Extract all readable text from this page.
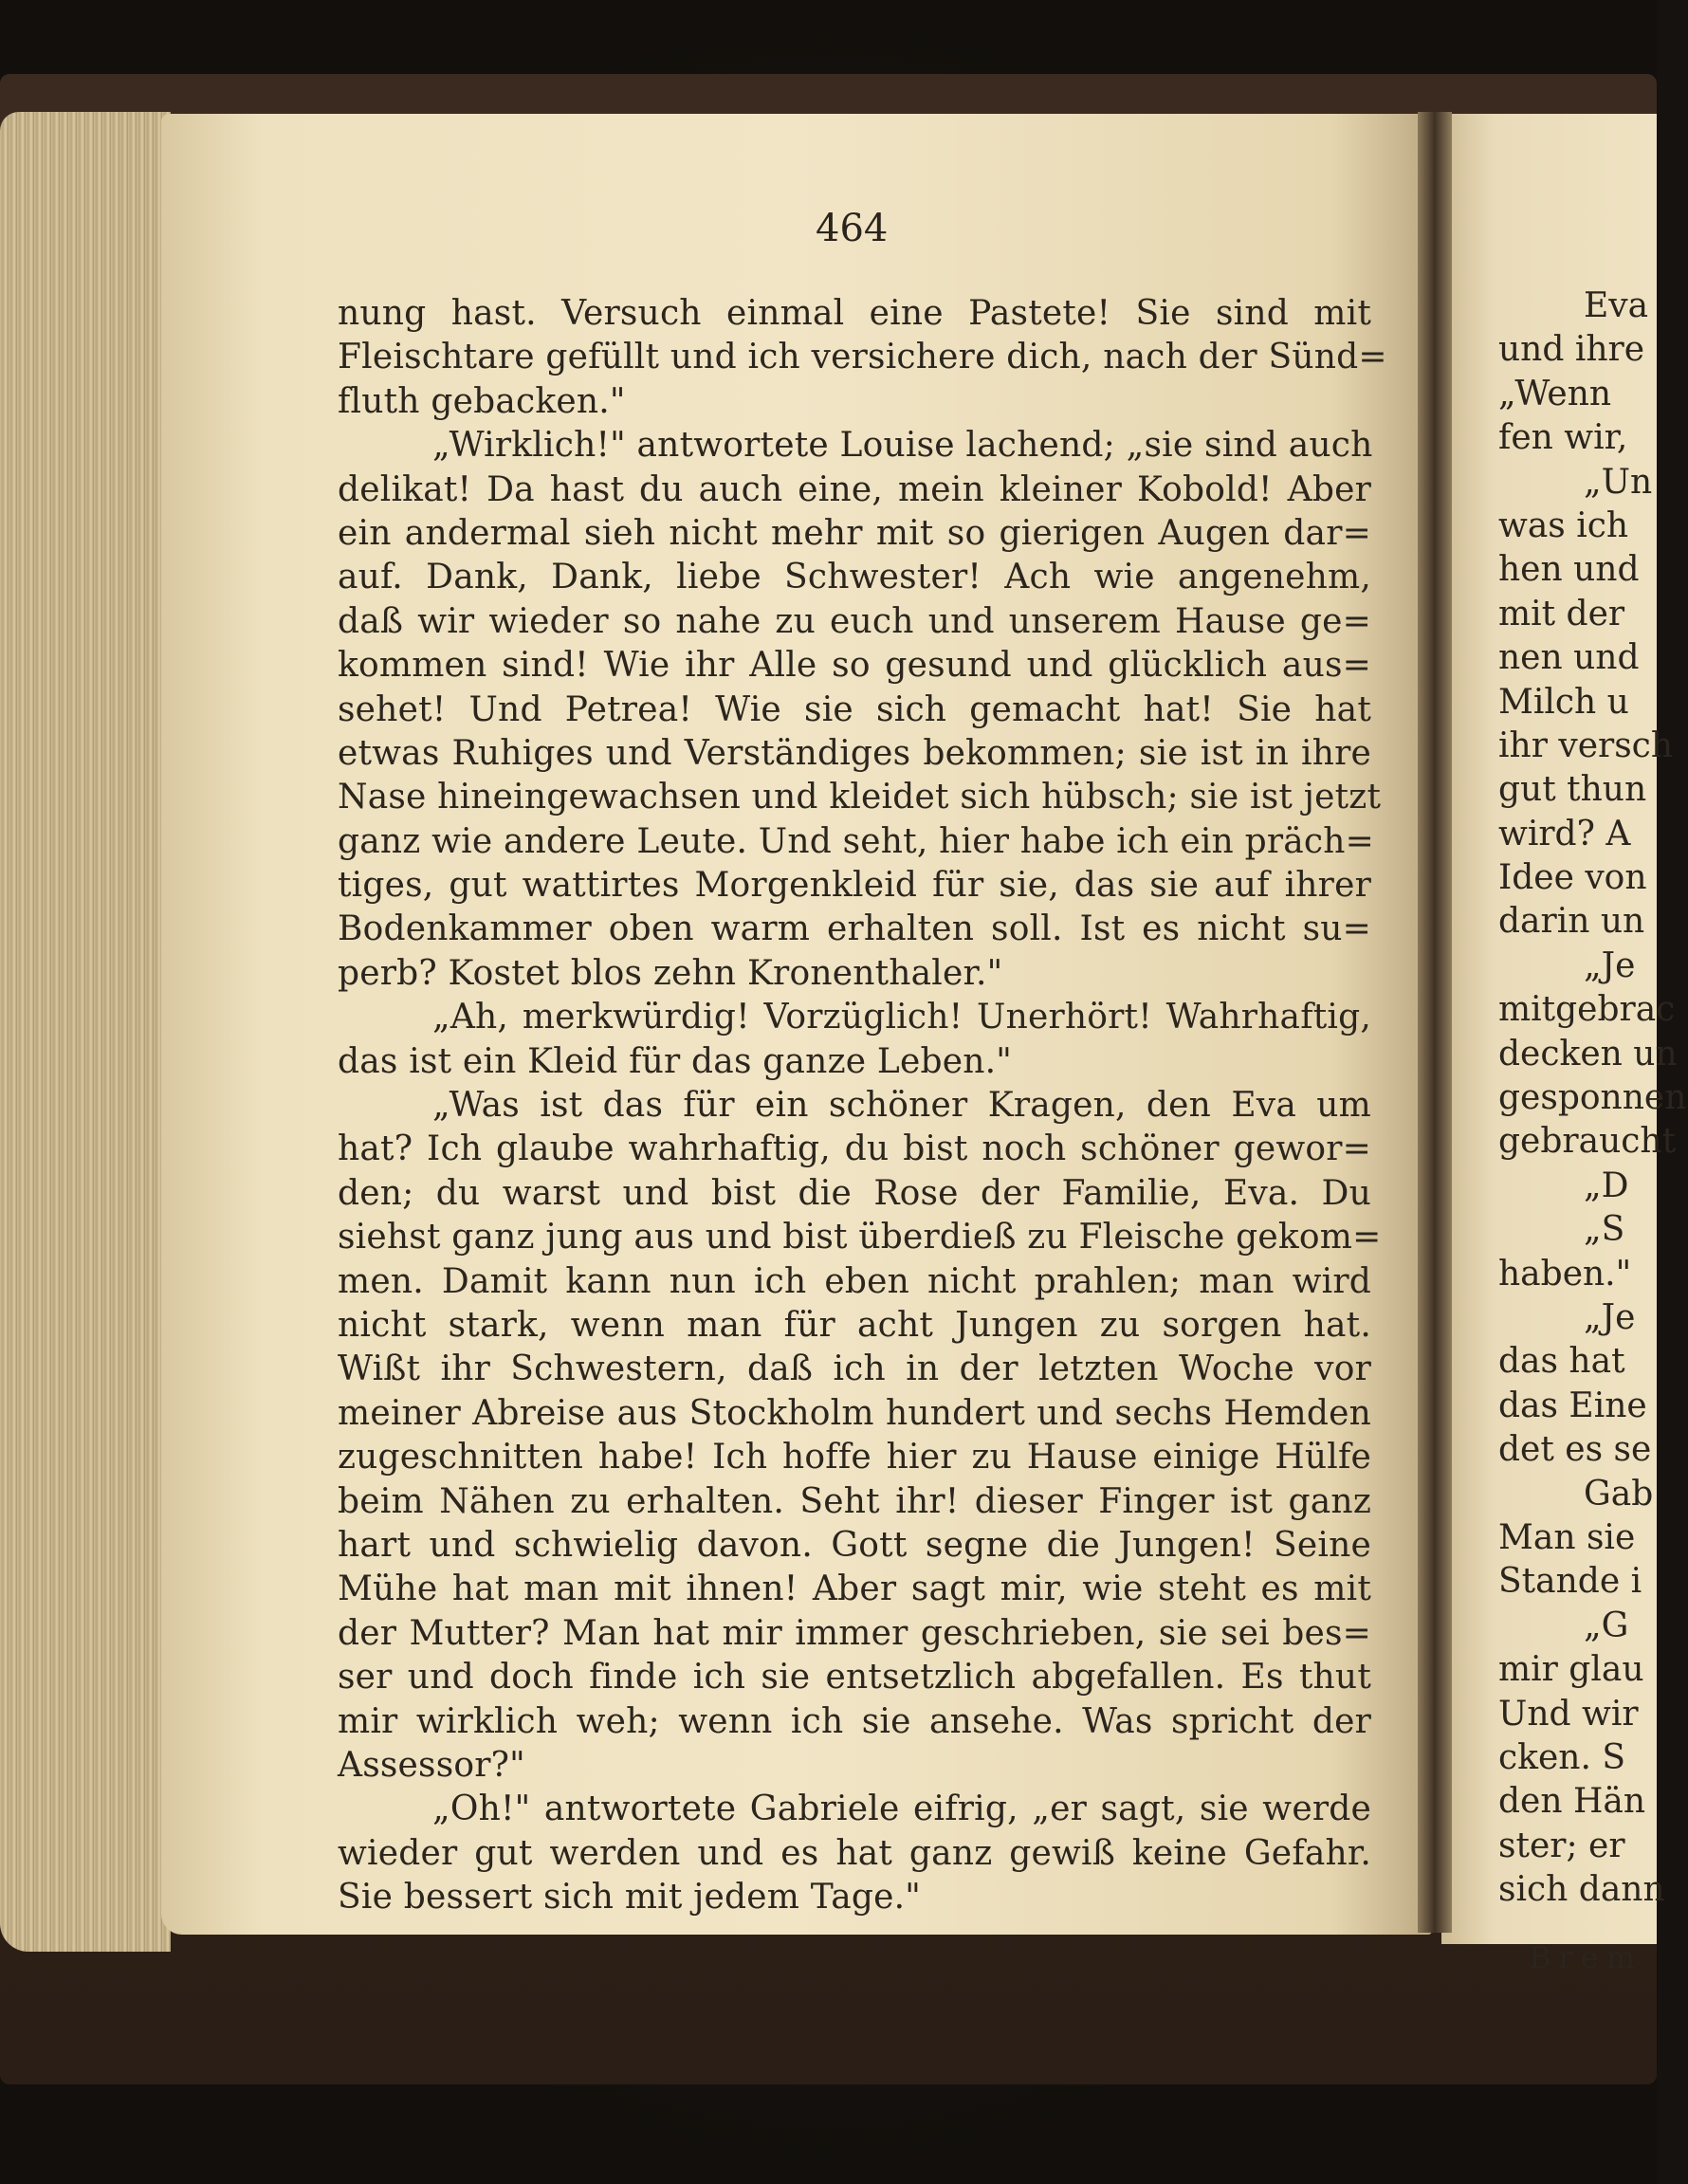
464
nung hast. Versuch einmal eine Pastete! Sie sind mit
Fleischtare gefüllt und ich versichere dich, nach der Sünd=
fluth gebacken."
„Wirklich!" antwortete Louise lachend; „sie sind auch
delikat! Da hast du auch eine, mein kleiner Kobold! Aber
ein andermal sieh nicht mehr mit so gierigen Augen dar=
auf. Dank, Dank, liebe Schwester! Ach wie angenehm,
daß wir wieder so nahe zu euch und unserem Hause ge=
kommen sind! Wie ihr Alle so gesund und glücklich aus=
sehet! Und Petrea! Wie sie sich gemacht hat! Sie hat
etwas Ruhiges und Verständiges bekommen; sie ist in ihre
Nase hineingewachsen und kleidet sich hübsch; sie ist jetzt
ganz wie andere Leute. Und seht, hier habe ich ein präch=
tiges, gut wattirtes Morgenkleid für sie, das sie auf ihrer
Bodenkammer oben warm erhalten soll. Ist es nicht su=
perb? Kostet blos zehn Kronenthaler."
„Ah, merkwürdig! Vorzüglich! Unerhört! Wahrhaftig,
das ist ein Kleid für das ganze Leben."
„Was ist das für ein schöner Kragen, den Eva um
hat? Ich glaube wahrhaftig, du bist noch schöner gewor=
den; du warst und bist die Rose der Familie, Eva. Du
siehst ganz jung aus und bist überdieß zu Fleische gekom=
men. Damit kann nun ich eben nicht prahlen; man wird
nicht stark, wenn man für acht Jungen zu sorgen hat.
Wißt ihr Schwestern, daß ich in der letzten Woche vor
meiner Abreise aus Stockholm hundert und sechs Hemden
zugeschnitten habe! Ich hoffe hier zu Hause einige Hülfe
beim Nähen zu erhalten. Seht ihr! dieser Finger ist ganz
hart und schwielig davon. Gott segne die Jungen! Seine
Mühe hat man mit ihnen! Aber sagt mir, wie steht es mit
der Mutter? Man hat mir immer geschrieben, sie sei bes=
ser und doch finde ich sie entsetzlich abgefallen. Es thut
mir wirklich weh; wenn ich sie ansehe. Was spricht der
Assessor?"
„Oh!" antwortete Gabriele eifrig, „er sagt, sie werde
wieder gut werden und es hat ganz gewiß keine Gefahr.
Sie bessert sich mit jedem Tage."
Eva
und ihre
„Wenn
fen wir,
„Un
was ich
hen und
mit der
nen und
Milch u
ihr versch
gut thun
wird? A
Idee von
darin un
„Je
mitgebrac
decken un
gesponnen
gebraucht
„D
„S
haben."
„Je
das hat
das Eine
det es se
Gab
Man sie
Stande i
„G
mir glau
Und wir
cken. S
den Hän
ster; er
sich dann
Brem
